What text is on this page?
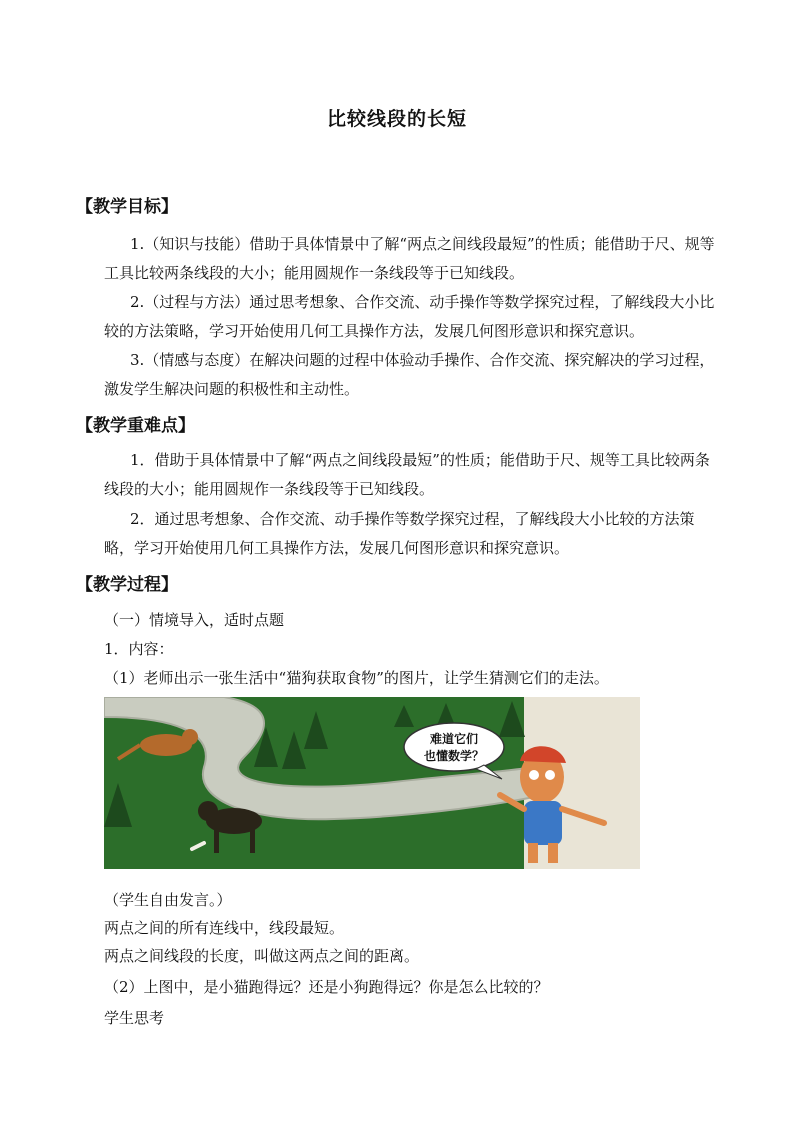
比较线段的长短
【教学目标】
1.（知识与技能）借助于具体情景中了解“两点之间线段最短”的性质；能借助于尺、规等工具比较两条线段的大小；能用圆规作一条线段等于已知线段。
2.（过程与方法）通过思考想象、合作交流、动手操作等数学探究过程，了解线段大小比较的方法策略，学习开始使用几何工具操作方法，发展几何图形意识和探究意识。
3.（情感与态度）在解决问题的过程中体验动手操作、合作交流、探究解决的学习过程，激发学生解决问题的积极性和主动性。
【教学重难点】
1．借助于具体情景中了解“两点之间线段最短”的性质；能借助于尺、规等工具比较两条线段的大小；能用圆规作一条线段等于已知线段。
2．通过思考想象、合作交流、动手操作等数学探究过程，了解线段大小比较的方法策略，学习开始使用几何工具操作方法，发展几何图形意识和探究意识。
【教学过程】
（一）情境导入，适时点题
1．内容：
（1）老师出示一张生活中“猫狗获取食物”的图片，让学生猜测它们的走法。
难道它们
也懂数学？
（学生自由发言。）
两点之间的所有连线中，线段最短。
两点之间线段的长度，叫做这两点之间的距离。
（2）上图中，是小猫跑得远？还是小狗跑得远？你是怎么比较的？
学生思考
